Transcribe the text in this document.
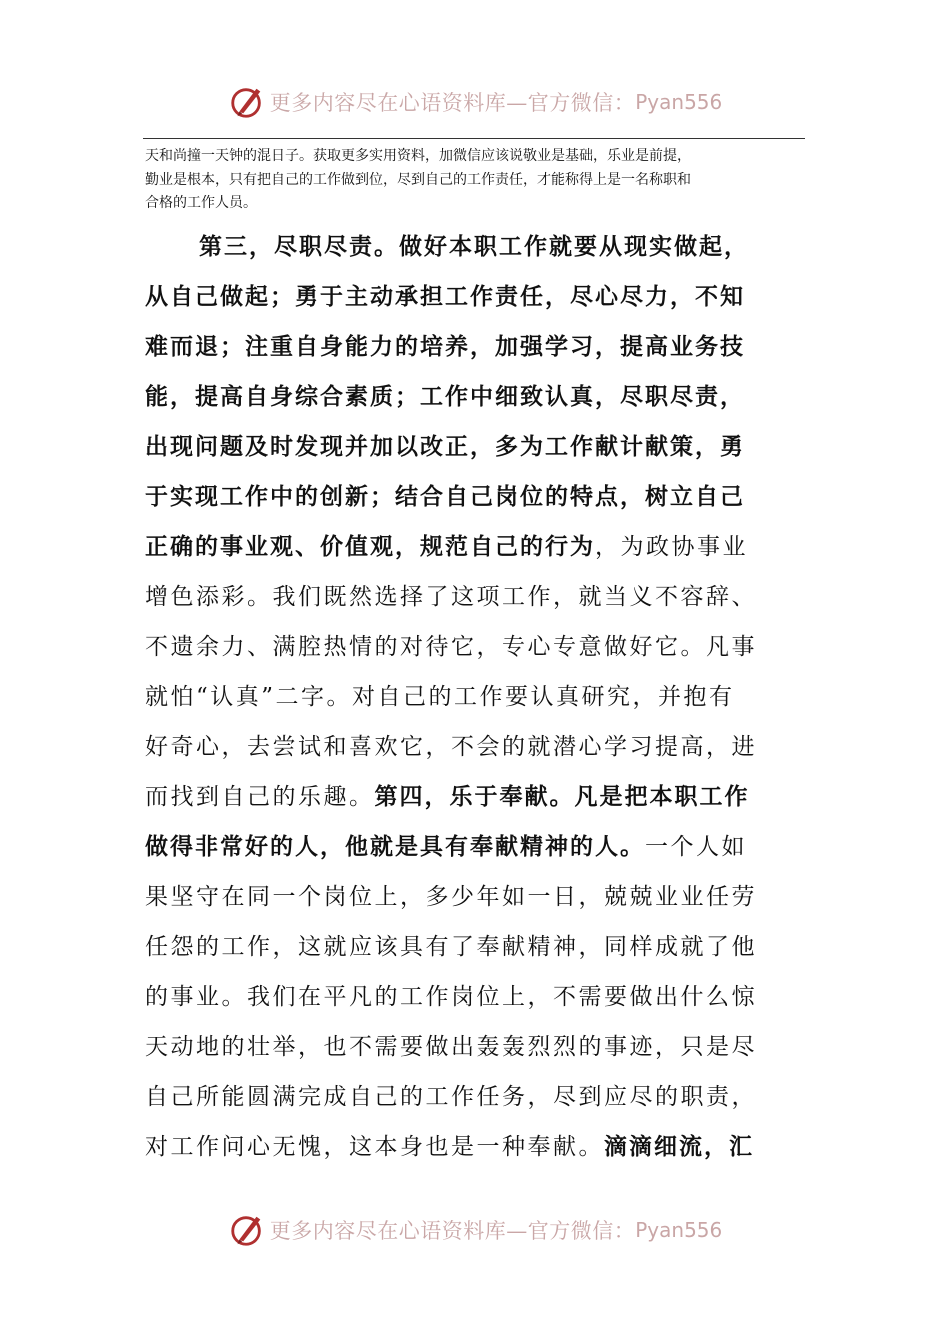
更多内容尽在心语资料库—官方微信： Pyan556
天和尚撞一天钟的混日子。获取更多实用资料，加微信应该说敬业是基础，乐业是前提，
勤业是根本，只有把自己的工作做到位，尽到自己的工作责任，才能称得上是一名称职和
合格的工作人员。
第三，尽职尽责。做好本职工作就要从现实做起，
从自己做起；勇于主动承担工作责任，尽心尽力，不知
难而退；注重自身能力的培养，加强学习，提高业务技
能，提高自身综合素质；工作中细致认真，尽职尽责，
出现问题及时发现并加以改正，多为工作献计献策，勇
于实现工作中的创新；结合自己岗位的特点，树立自己
正确的事业观、价值观，规范自己的行为，为政协事业
增色添彩。我们既然选择了这项工作，就当义不容辞、
不遗余力、满腔热情的对待它，专心专意做好它。凡事
就怕“认真”二字。对自己的工作要认真研究，并抱有
好奇心，去尝试和喜欢它，不会的就潜心学习提高，进
而找到自己的乐趣。第四，乐于奉献。凡是把本职工作
做得非常好的人，他就是具有奉献精神的人。一个人如
果坚守在同一个岗位上，多少年如一日，兢兢业业任劳
任怨的工作，这就应该具有了奉献精神，同样成就了他
的事业。我们在平凡的工作岗位上，不需要做出什么惊
天动地的壮举，也不需要做出轰轰烈烈的事迹，只是尽
自己所能圆满完成自己的工作任务，尽到应尽的职责，
对工作问心无愧，这本身也是一种奉献。滴滴细流，汇
更多内容尽在心语资料库—官方微信： Pyan556
